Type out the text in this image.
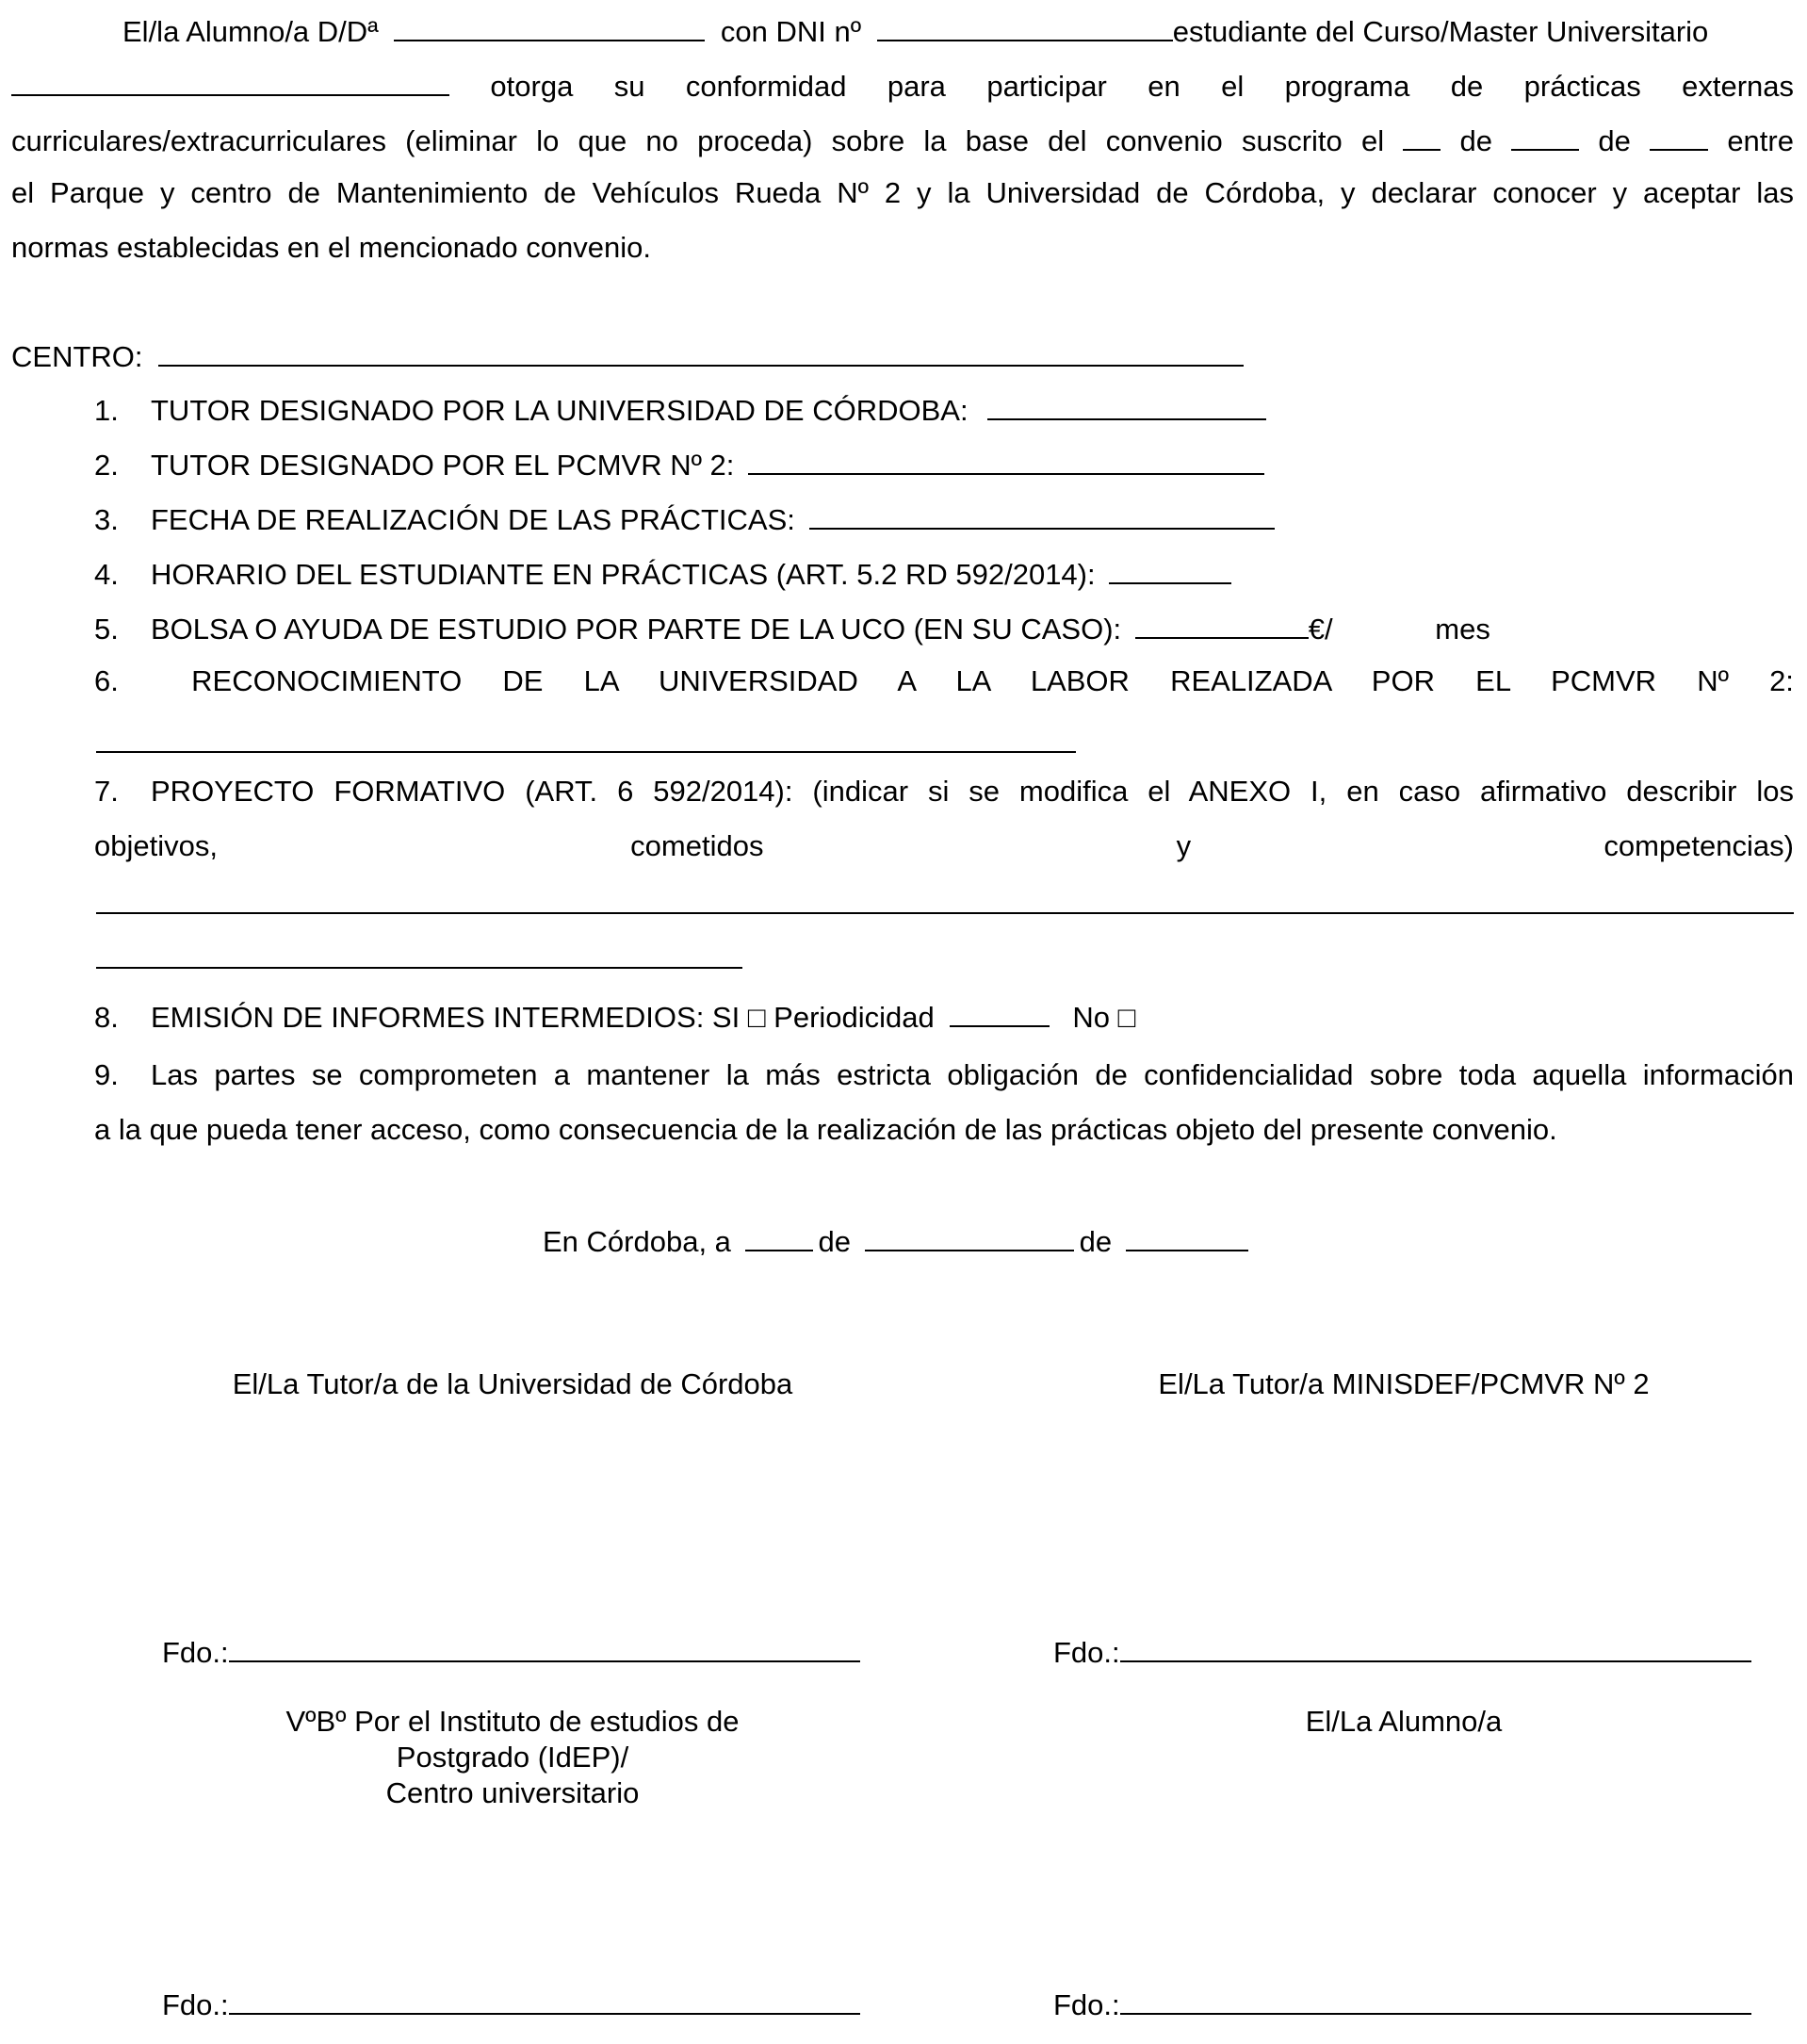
El/la Alumno/a D/Dª	con DNI nº	estudiante del Curso/Master Universitario
otorga su conformidad para participar en el programa de prácticas externas
curriculares/extracurriculares (eliminar lo que no proceda) sobre la base del convenio suscrito el	de	de	entre
el Parque y centro de Mantenimiento de Vehículos Rueda Nº 2 y la Universidad de Córdoba, y declarar conocer y aceptar las
normas establecidas en el mencionado convenio.
CENTRO:
1. TUTOR DESIGNADO POR LA UNIVERSIDAD DE CÓRDOBA:
2. TUTOR DESIGNADO POR EL PCMVR Nº 2:
3. FECHA DE REALIZACIÓN DE LAS PRÁCTICAS:
4. HORARIO DEL ESTUDIANTE EN PRÁCTICAS (ART. 5.2 RD 592/2014):
5. BOLSA O AYUDA DE ESTUDIO POR PARTE DE LA UCO (EN SU CASO):	€/	mes
6. RECONOCIMIENTO DE LA UNIVERSIDAD A LA LABOR REALIZADA POR EL PCMVR Nº 2:
7. PROYECTO FORMATIVO (ART. 6 592/2014): (indicar si se modifica el ANEXO I, en caso afirmativo describir los
objetivos,	cometidos	y	competencias)
8. EMISIÓN DE INFORMES INTERMEDIOS: SI □ Periodicidad	No □
9. Las partes se comprometen a mantener la más estricta obligación de confidencialidad sobre toda aquella información
a la que pueda tener acceso, como consecuencia de la realización de las prácticas objeto del presente convenio.
En Córdoba, a	de	de
El/La Tutor/a de la Universidad de Córdoba	El/La Tutor/a MINISDEF/PCMVR Nº 2
Fdo.:	Fdo.:
VºBº Por el Instituto de estudios de
Postgrado (IdEP)/
Centro universitario
El/La Alumno/a
Fdo.:	Fdo.:
